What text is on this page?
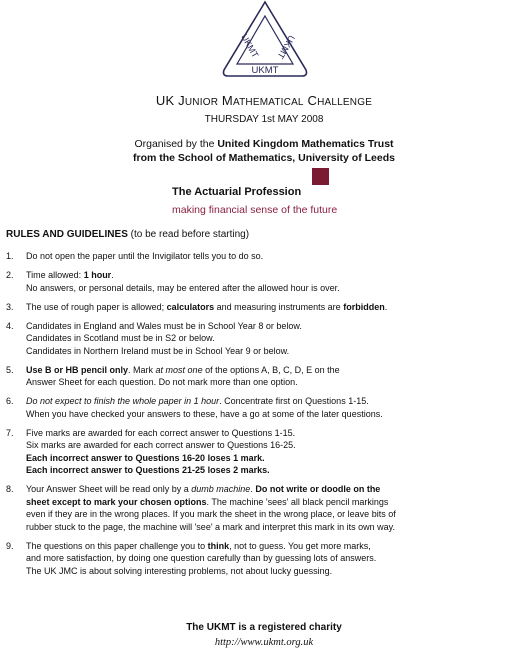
UKMT UKMT
UKMT
UK JUNIOR MATHEMATICAL CHALLENGE
THURSDAY 1st MAY 2008
Organised by the United Kingdom Mathematics Trust
from the School of Mathematics, University of Leeds
The Actuarial Profession
making financial sense of the future
RULES AND GUIDELINES (to be read before starting)
1. Do not open the paper until the Invigilator tells you to do so.
2. Time allowed: 1 hour.
No answers, or personal details, may be entered after the allowed hour is over.
3. The use of rough paper is allowed; calculators and measuring instruments are forbidden.
4. Candidates in England and Wales must be in School Year 8 or below.
Candidates in Scotland must be in S2 or below.
Candidates in Northern Ireland must be in School Year 9 or below.
5. Use B or HB pencil only. Mark at most one of the options A, B, C, D, E on the
Answer Sheet for each question. Do not mark more than one option.
6. Do not expect to finish the whole paper in 1 hour. Concentrate first on Questions 1-15.
When you have checked your answers to these, have a go at some of the later questions.
7. Five marks are awarded for each correct answer to Questions 1-15.
Six marks are awarded for each correct answer to Questions 16-25.
Each incorrect answer to Questions 16-20 loses 1 mark.
Each incorrect answer to Questions 21-25 loses 2 marks.
8. Your Answer Sheet will be read only by a dumb machine. Do not write or doodle on the
sheet except to mark your chosen options. The machine 'sees' all black pencil markings
even if they are in the wrong places. If you mark the sheet in the wrong place, or leave bits of
rubber stuck to the page, the machine will 'see' a mark and interpret this mark in its own way.
9. The questions on this paper challenge you to think, not to guess. You get more marks,
and more satisfaction, by doing one question carefully than by guessing lots of answers.
The UK JMC is about solving interesting problems, not about lucky guessing.
The UKMT is a registered charity
http://www.ukmt.org.uk
